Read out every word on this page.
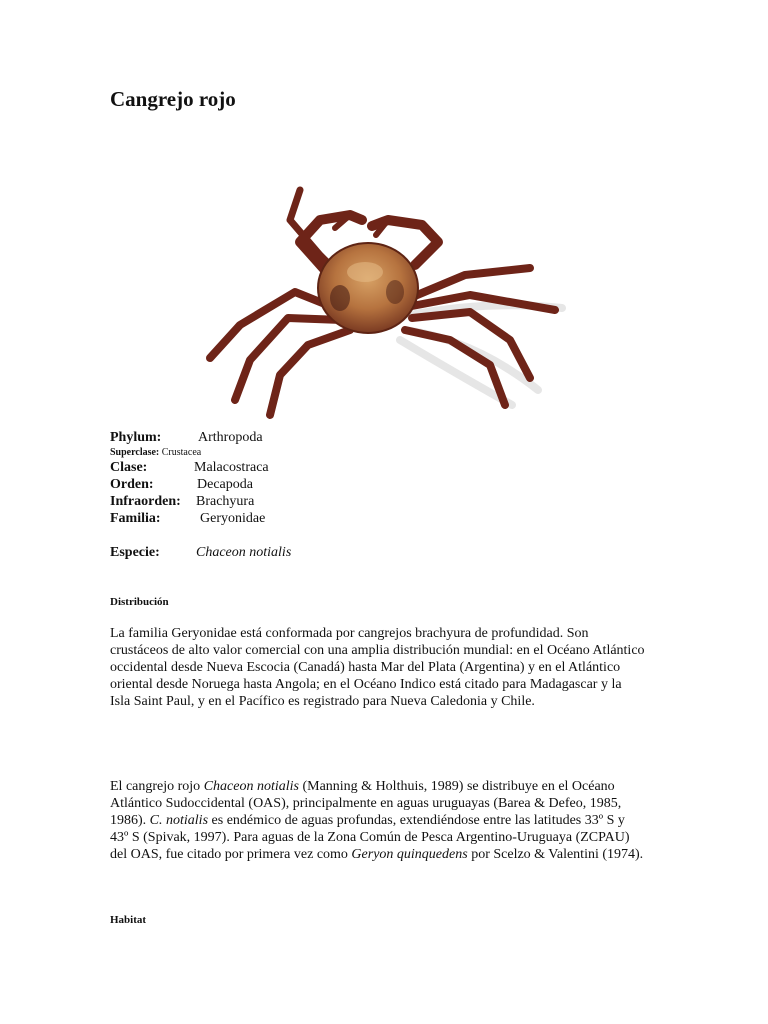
Cangrejo rojo
Phylum:	Arthropoda
Superclase: Crustacea
Clase:	Malacostraca
Orden:	Decapoda
Infraorden: Brachyura
Familia:	Geryonidae
Especie:	Chaceon notialis
Distribución

La familia Geryonidae está conformada por cangrejos brachyura de profundidad. Son crustáceos de alto valor comercial con una amplia distribución mundial: en el Océano Atlántico occidental desde Nueva Escocia (Canadá) hasta Mar del Plata (Argentina) y en el Atlántico oriental desde Noruega hasta Angola; en el Océano Indico está citado para Madagascar y la Isla Saint Paul, y en el Pacífico es registrado para Nueva Caledonia y Chile.

El cangrejo rojo Chaceon notialis (Manning & Holthuis, 1989) se distribuye en el Océano Atlántico Sudoccidental (OAS), principalmente en aguas uruguayas (Barea & Defeo, 1985, 1986). C. notialis es endémico de aguas profundas, extendiéndose entre las latitudes 33º S y 43º S (Spivak, 1997). Para aguas de la Zona Común de Pesca Argentino-Uruguaya (ZCPAU) del OAS, fue citado por primera vez como Geryon quinquedens por Scelzo & Valentini (1974).

Habitat
